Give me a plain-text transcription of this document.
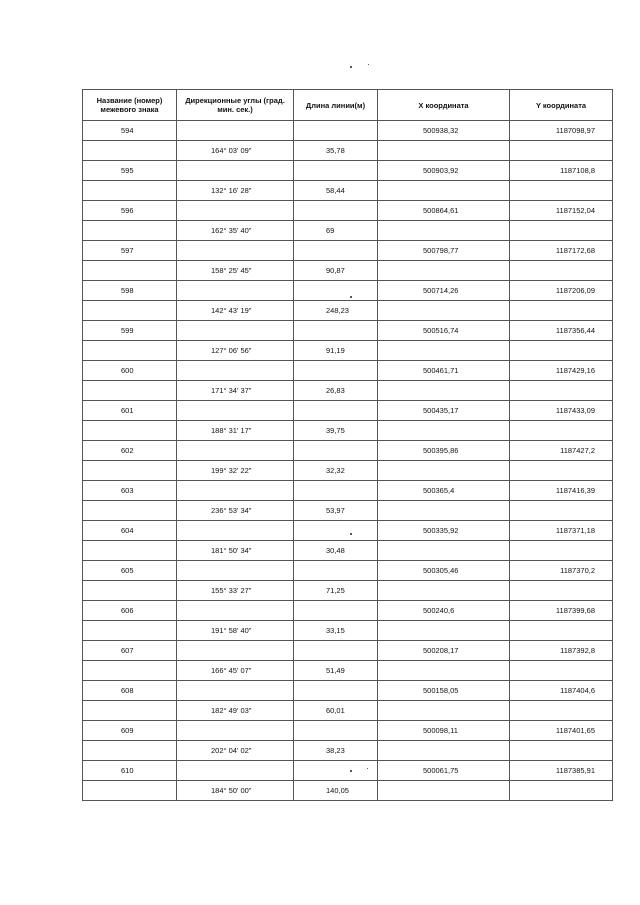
Название (номер) межевого знака	Дирекционные углы (град. мин. сек.)	Длина линии(м)	X координата	Y координата
594			500938,32	1187098,97
	164° 03' 09"	35,78		
595			500903,92	1187108,8
	132° 16' 28"	58,44		
596			500864,61	1187152,04
	162° 35' 40"	69		
597			500798,77	1187172,68
	158° 25' 45"	90,87		
598			500714,26	1187206,09
	142° 43' 19"	248,23		
599			500516,74	1187356,44
	127° 06' 56"	91,19		
600			500461,71	1187429,16
	171° 34' 37"	26,83		
601			500435,17	1187433,09
	188° 31' 17"	39,75		
602			500395,86	1187427,2
	199° 32' 22"	32,32		
603			500365,4	1187416,39
	236° 53' 34"	53,97		
604			500335,92	1187371,18
	181° 50' 34"	30,48		
605			500305,46	1187370,2
	155° 33' 27"	71,25		
606			500240,6	1187399,68
	191° 58' 40"	33,15		
607			500208,17	1187392,8
	166° 45' 07"	51,49		
608			500158,05	1187404,6
	182° 49' 03"	60,01		
609			500098,11	1187401,65
	202° 04' 02"	38,23		
610			500061,75	1187385,91
	184° 50' 00"	140,05		
